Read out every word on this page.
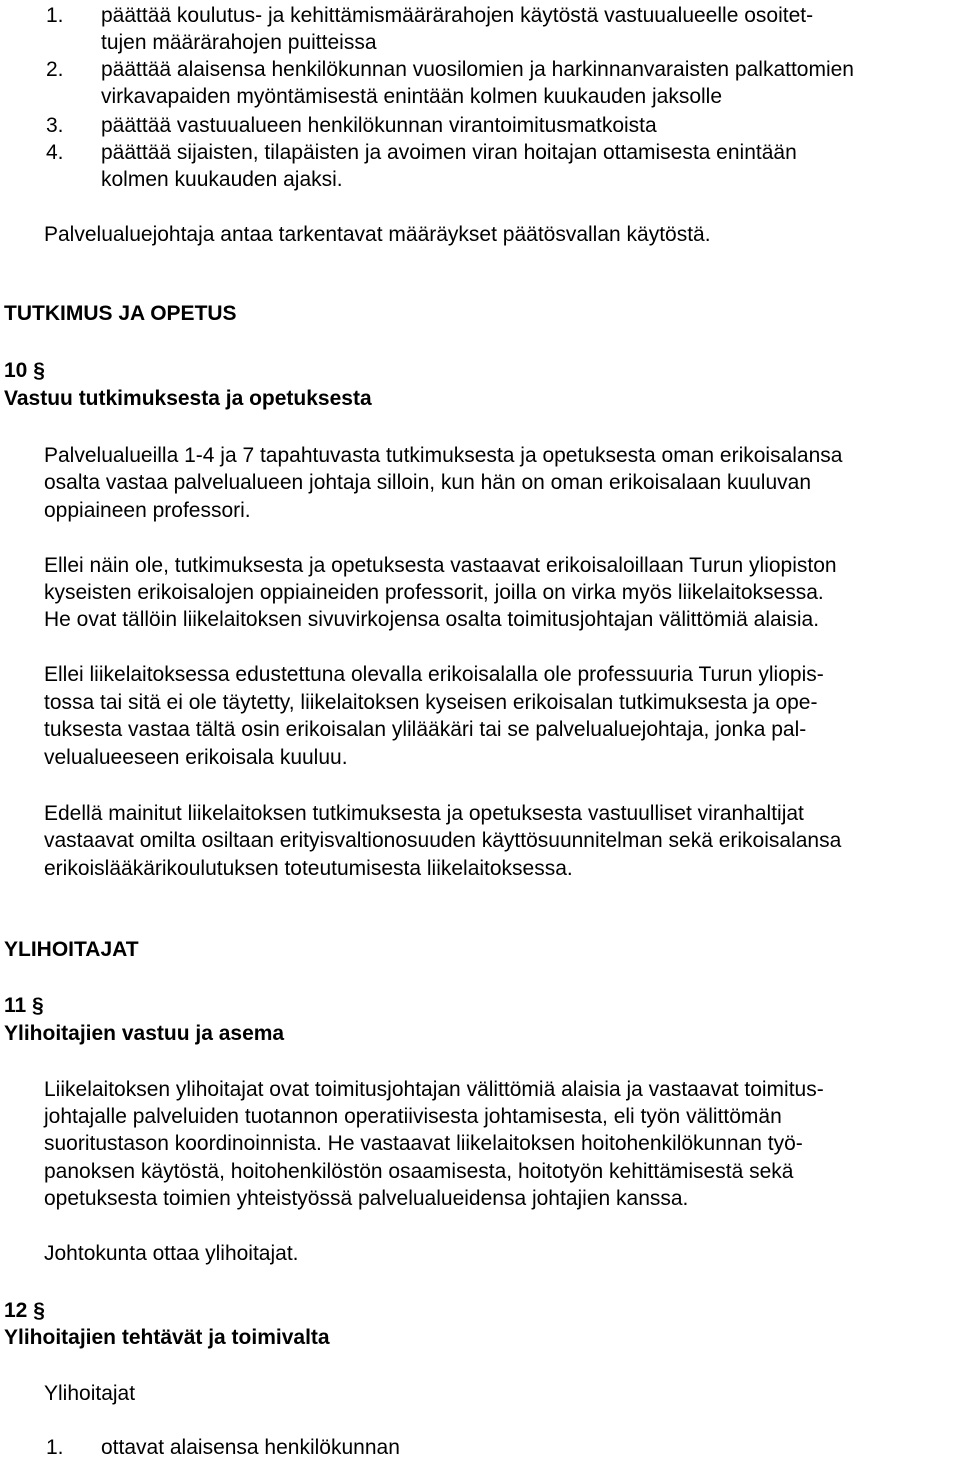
1. päättää koulutus- ja kehittämismäärärahojen käytöstä vastuualueelle osoitet-
tujen määrärahojen puitteissa
2. päättää alaisensa henkilökunnan vuosilomien ja harkinnanvaraisten palkattomien
virkavapaiden myöntämisestä enintään kolmen kuukauden jaksolle
3. päättää vastuualueen henkilökunnan virantoimitusmatkoista
4. päättää sijaisten, tilapäisten ja avoimen viran hoitajan ottamisesta enintään
kolmen kuukauden ajaksi.
Palvelualuejohtaja antaa tarkentavat määräykset päätösvallan käytöstä.
TUTKIMUS JA OPETUS
10 §
Vastuu tutkimuksesta ja opetuksesta
Palvelualueilla 1-4 ja 7 tapahtuvasta tutkimuksesta ja opetuksesta oman erikoisalansa
osalta vastaa palvelualueen johtaja silloin, kun hän on oman erikoisalaan kuuluvan
oppiaineen professori.
Ellei näin ole, tutkimuksesta ja opetuksesta vastaavat erikoisaloillaan Turun yliopiston
kyseisten erikoisalojen oppiaineiden professorit, joilla on virka myös liikelaitoksessa.
He ovat tällöin liikelaitoksen sivuvirkojensa osalta toimitusjohtajan välittömiä alaisia.
Ellei liikelaitoksessa edustettuna olevalla erikoisalalla ole professuuria Turun yliopis-
tossa tai sitä ei ole täytetty, liikelaitoksen kyseisen erikoisalan tutkimuksesta ja ope-
tuksesta vastaa tältä osin erikoisalan ylilääkäri tai se palvelualuejohtaja, jonka pal-
velualueeseen erikoisala kuuluu.
Edellä mainitut liikelaitoksen tutkimuksesta ja opetuksesta vastuulliset viranhaltijat
vastaavat omilta osiltaan erityisvaltionosuuden käyttösuunnitelman sekä erikoisalansa
erikoislääkärikoulutuksen toteutumisesta liikelaitoksessa.
YLIHOITAJAT
11 §
Ylihoitajien vastuu ja asema
Liikelaitoksen ylihoitajat ovat toimitusjohtajan välittömiä alaisia ja vastaavat toimitus-
johtajalle palveluiden tuotannon operatiivisesta johtamisesta, eli työn välittömän
suoritustason koordinoinnista. He vastaavat liikelaitoksen hoitohenkilökunnan työ-
panoksen käytöstä, hoitohenkilöstön osaamisesta, hoitotyön kehittämisestä sekä
opetuksesta toimien yhteistyössä palvelualueidensa johtajien kanssa.
Johtokunta ottaa ylihoitajat.
12 §
Ylihoitajien tehtävät ja toimivalta
Ylihoitajat
1. ottavat alaisensa henkilökunnan
